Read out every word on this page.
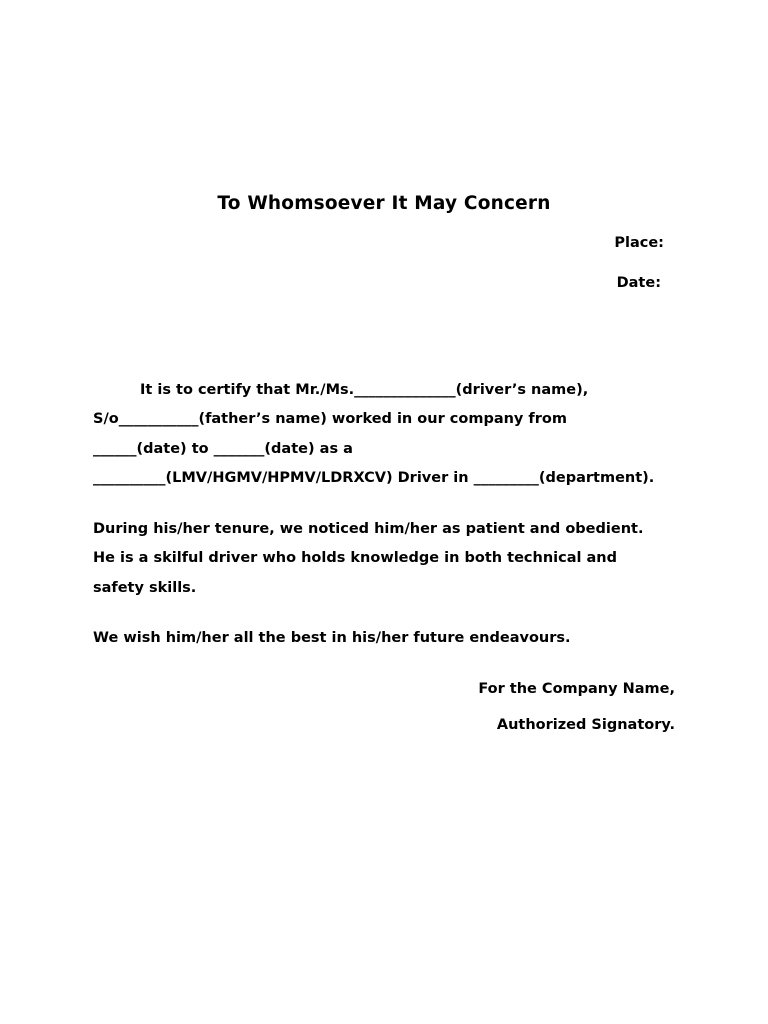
To Whomsoever It May Concern
Place:
Date:
It is to certify that Mr./Ms.______________(driver’s name),
S/o___________(father’s name) worked in our company from
______(date) to _______(date) as a
__________(LMV/HGMV/HPMV/LDRXCV) Driver in _________(department).
During his/her tenure, we noticed him/her as patient and obedient.
He is a skilful driver who holds knowledge in both technical and
safety skills.
We wish him/her all the best in his/her future endeavours.
For the Company Name,
Authorized Signatory.
